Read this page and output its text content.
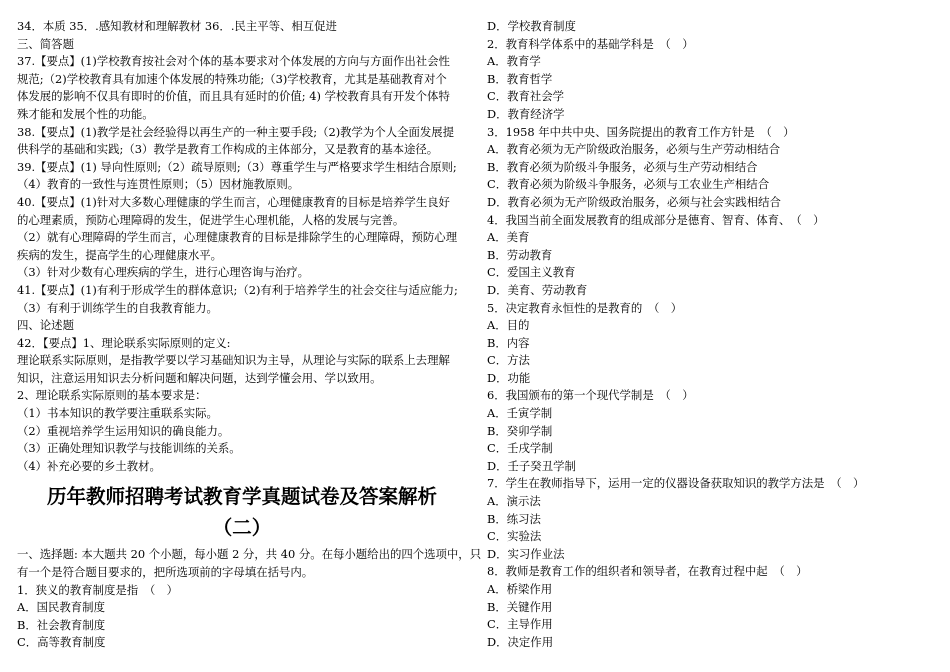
34．本质 35．.感知教材和理解教材 36．.民主平等、相互促进
三、简答题
37.【要点】(1)学校教育按社会对个体的基本要求对个体发展的方向与方面作出社会性
规范;（2)学校教育具有加速个体发展的特殊功能;（3)学校教育，尤其是基础教育对个
体发展的影响不仅具有即时的价值，而且具有延时的价值; 4) 学校教育具有开发个体特
殊才能和发展个性的功能。
38.【要点】(1)教学是社会经验得以再生产的一种主要手段;（2)教学为个人全面发展提
供科学的基础和实践;（3）教学是教育工作构成的主体部分，又是教育的基本途径。
39.【要点】(1) 导向性原则;（2）疏导原则;（3）尊重学生与严格要求学生相结合原则;
（4）教育的一致性与连贯性原则；（5）因材施教原则。
40.【要点】(1)针对大多数心理健康的学生而言，心理健康教育的目标是培养学生良好
的心理素质，预防心理障碍的发生，促进学生心理机能，人格的发展与完善。
（2）就有心理障碍的学生而言，心理健康教育的目标是排除学生的心理障碍，预防心理
疾病的发生，提高学生的心理健康水平。
（3）针对少数有心理疾病的学生，进行心理咨询与治疗。
41.【要点】(1)有利于形成学生的群体意识;（2)有利于培养学生的社会交往与适应能力;
（3）有利于训练学生的自我教育能力。
四、论述题
42．【要点】1、理论联系实际原则的定义:
理论联系实际原则，是指教学要以学习基础知识为主导，从理论与实际的联系上去理解
知识，注意运用知识去分析问题和解决问题，达到学懂会用、学以致用。
2、理论联系实际原则的基本要求是：
（1）书本知识的教学要注重联系实际。
（2）重视培养学生运用知识的确良能力。
（3）正确处理知识教学与技能训练的关系。
（4）补充必要的乡土教材。
历年教师招聘考试教育学真题试卷及答案解析
（二）
一、选择题: 本大题共 20 个小题，每小题 2 分，共 40 分。在每小题给出的四个选项中，只
有一个是符合题目要求的，把所选项前的字母填在括号内。
1．狭义的教育制度是指　（　）
A．国民教育制度
B．社会教育制度
C．高等教育制度
D．学校教育制度
2．教育科学体系中的基础学科是　（　）
A．教育学
B．教育哲学
C．教育社会学
D．教育经济学
3．1958 年中共中央、国务院提出的教育工作方针是　（　）
A．教育必须为无产阶级政治服务，必须与生产劳动相结合
B．教育必须为阶级斗争服务，必须与生产劳动相结合
C．教育必须为阶级斗争服务，必须与工农业生产相结合
D．教育必须为无产阶级政治服务，必须与社会实践相结合
4．我国当前全面发展教育的组成部分是德育、智育、体育、　（　）
A．美育
B．劳动教育
C．爱国主义教育
D．美育、劳动教育
5．决定教育永恒性的是教育的　（　）
A．目的
B．内容
C．方法
D．功能
6．我国颁布的第一个现代学制是　（　）
A．壬寅学制
B．癸卯学制
C．壬戌学制
D．壬子癸丑学制
7．学生在教师指导下，运用一定的仪器设备获取知识的教学方法是　（　）
A．演示法
B．练习法
C．实验法
D．实习作业法
8．教师是教育工作的组织者和领导者，在教育过程中起　（　）
A．桥梁作用
B．关键作用
C．主导作用
D．决定作用
